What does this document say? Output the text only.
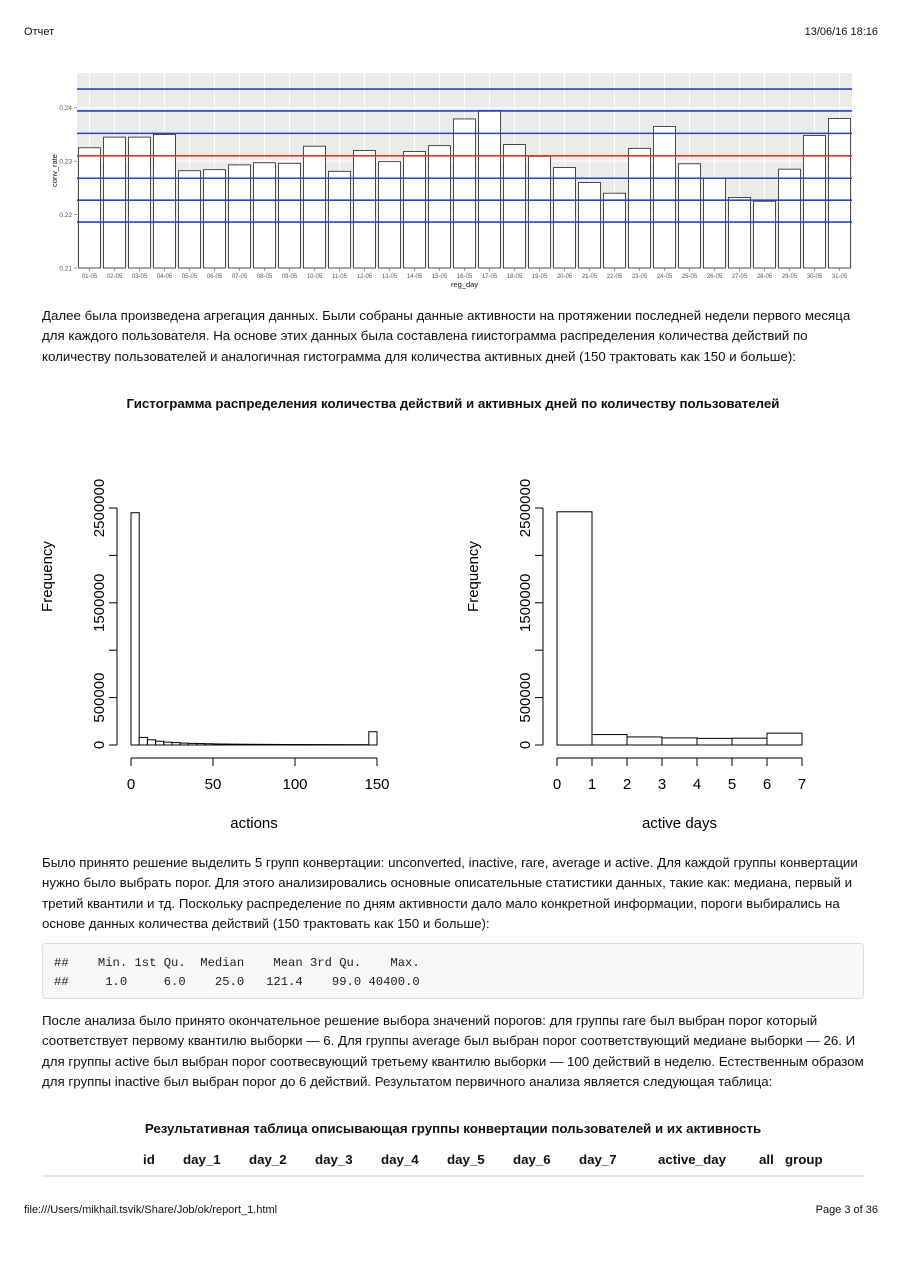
Отчет	13/06/16 18:16
0.21
0.22
0.23
0.24
01-05 02-05 03-05 04-05 05-05 06-05 07-05 08-05 09-05 10-05 11-05 12-05 13-05 14-05 15-05 16-05 17-05 18-05 19-05 20-05 21-05 22-05 23-05 24-05 25-05 26-05 27-05 28-05 29-05 30-05 31-05
reg_day
conv_rate
Далее была произведена агрегация данных. Были собраны данные активности на протяжении последней недели первого месяца для каждого пользователя. На основе этих данных была составлена гиистограмма распределения количества действий по количеству пользователей и аналогичная гистограмма для количества активных дней (150 трактовать как 150 и больше):
Гистограмма распределения количества действий и активных дней по количеству пользователей
0
500000
1500000
2500000
0	50	100	150
actions
Frequency
0
500000
1500000
2500000
0 1 2 3 4 5 6 7
active days
Frequency
Было принято решение выделить 5 групп конвертации: unconverted, inactive, rare, average и active. Для каждой группы конвертации нужно было выбрать порог. Для этого анализировались основные описательные статистики данных, такие как: медиана, первый и третий квантили и тд. Поскольку распределение по дням активности дало мало конкретной информации, пороги выбирались на основе данных количества действий (150 трактовать как 150 и больше):
##    Min. 1st Qu.  Median    Mean 3rd Qu.    Max.
##     1.0     6.0    25.0   121.4    99.0 40400.0
После анализа было принято окончательное решение выбора значений порогов: для группы rare был выбран порог который соответствует первому квантилю выборки — 6. Для группы average был выбран порог соответствующий медиане выборки — 26. И для группы active был выбран порог соотвесвующий третьему квантилю выборки — 100 действий в неделю. Естественным образом для группы inactive был выбран порог до 6 действий. Результатом первичного анализа является следующая таблица:
Результативная таблица описывающая группы конвертации пользователей и их активность
id day_1 day_2 day_3 day_4 day_5 day_6 day_7	active_day all group
file:///Users/mikhail.tsvik/Share/Job/ok/report_1.html	Page 3 of 36
